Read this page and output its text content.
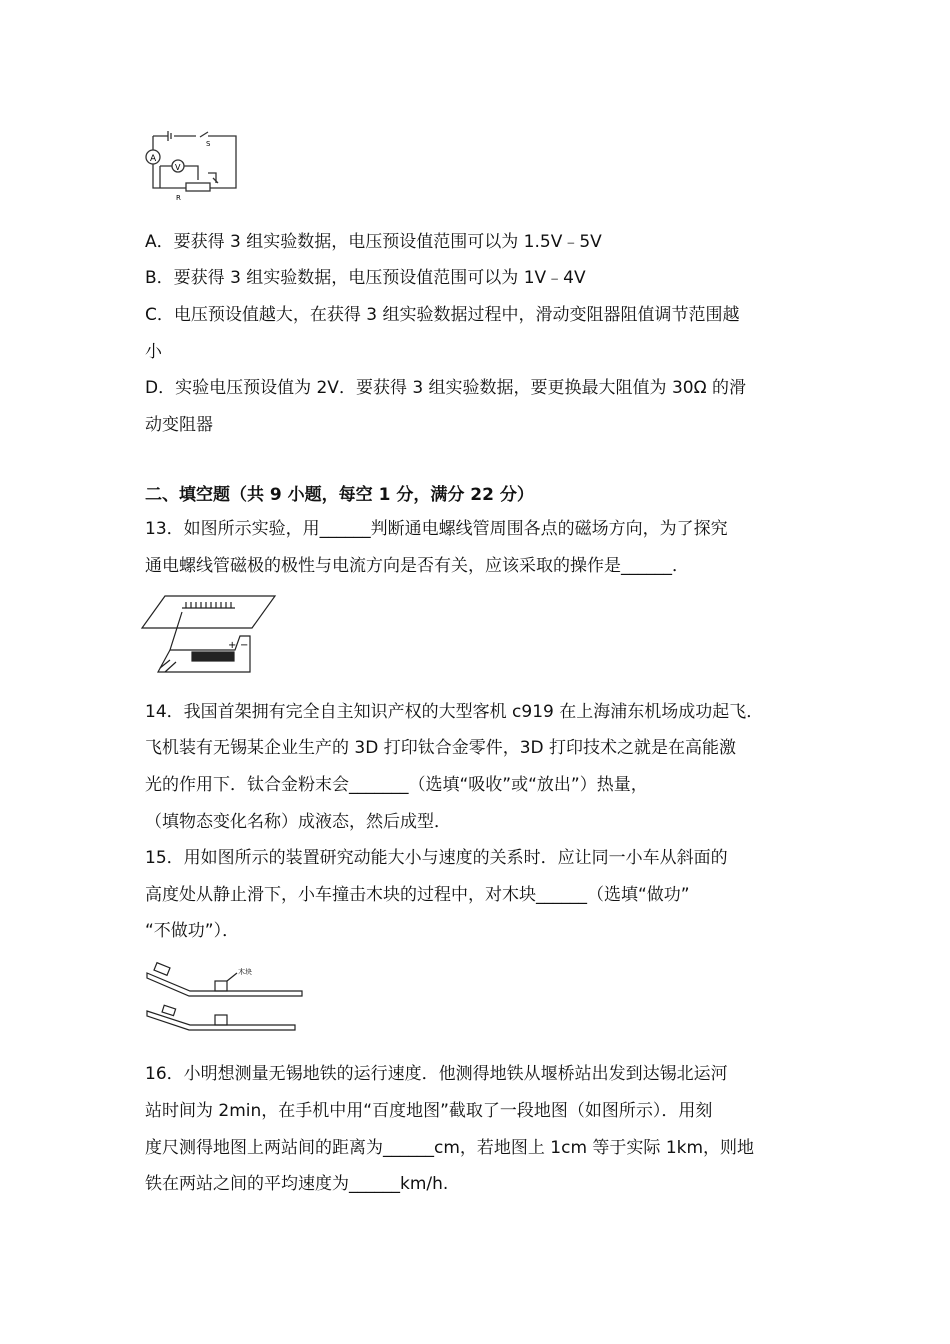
A
V
S
R
A．要获得 3 组实验数据，电压预设值范围可以为 1.5V﹣5V
B．要获得 3 组实验数据，电压预设值范围可以为 1V﹣4V
C．电压预设值越大，在获得 3 组实验数据过程中，滑动变阻器阻值调节范围越
小
D．实验电压预设值为 2V．要获得 3 组实验数据，要更换最大阻值为 30Ω 的滑
动变阻器
二、填空题（共 9 小题，每空 1 分，满分 22 分）
13．如图所示实验，用______判断通电螺线管周围各点的磁场方向，为了探究
通电螺线管磁极的极性与电流方向是否有关，应该采取的操作是______．
+ −
14．我国首架拥有完全自主知识产权的大型客机 c919 在上海浦东机场成功起飞．
飞机装有无锡某企业生产的 3D 打印钛合金零件，3D 打印技术之就是在高能激
光的作用下．钛合金粉末会_______（选填“吸收”或“放出”）热量，
（填物态变化名称）成液态，然后成型．
15．用如图所示的装置研究动能大小与速度的关系时．应让同一小车从斜面的
高度处从静止滑下，小车撞击木块的过程中，对木块______（选填“做功”
“不做功”）．
木块
16．小明想测量无锡地铁的运行速度．他测得地铁从堰桥站出发到达锡北运河
站时间为 2min，在手机中用“百度地图”截取了一段地图（如图所示）．用刻
度尺测得地图上两站间的距离为______cm，若地图上 1cm 等于实际 1km，则地
铁在两站之间的平均速度为______km/h.
